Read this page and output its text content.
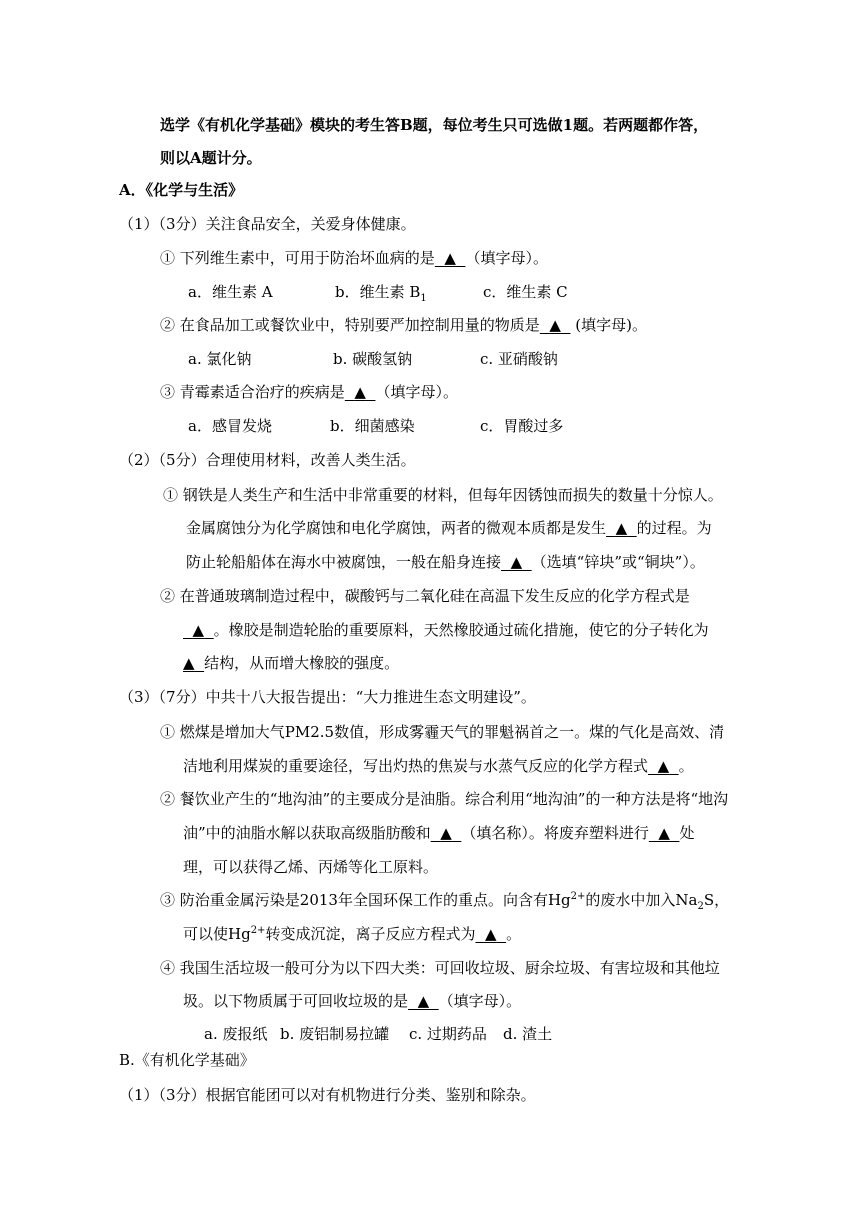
选学《有机化学基础》模块的考生答B题，每位考生只可选做1题。若两题都作答，
则以A题计分。
A．《化学与生活》
（1）（3分）关注食品安全，关爱身体健康。
① 下列维生素中，可用于防治坏血病的是 ▲ （填字母）。
a．维生素 A	b．维生素 $B_1$	c．维生素 C
② 在食品加工或餐饮业中，特别要严加控制用量的物质是 ▲ (填字母)。
a. 氯化钠	b. 碳酸氢钠	c. 亚硝酸钠
③ 青霉素适合治疗的疾病是 ▲ （填字母）。
a．感冒发烧	b．细菌感染	c．胃酸过多
（2）（5分）合理使用材料，改善人类生活。
① 钢铁是人类生产和生活中非常重要的材料，但每年因锈蚀而损失的数量十分惊人。
金属腐蚀分为化学腐蚀和电化学腐蚀，两者的微观本质都是发生 ▲ 的过程。为
防止轮船船体在海水中被腐蚀，一般在船身连接 ▲ （选填“锌块”或“铜块”）。
② 在普通玻璃制造过程中，碳酸钙与二氧化硅在高温下发生反应的化学方程式是
▲ 。橡胶是制造轮胎的重要原料，天然橡胶通过硫化措施，使它的分子转化为
▲ 结构，从而增大橡胶的强度。
（3）（7分）中共十八大报告提出：“大力推进生态文明建设”。
① 燃煤是增加大气PM2.5数值，形成雾霾天气的罪魁祸首之一。煤的气化是高效、清
洁地利用煤炭的重要途径，写出灼热的焦炭与水蒸气反应的化学方程式 ▲ 。
② 餐饮业产生的“地沟油”的主要成分是油脂。综合利用“地沟油”的一种方法是将“地沟
油”中的油脂水解以获取高级脂肪酸和 ▲ （填名称）。将废弃塑料进行 ▲ 处
理，可以获得乙烯、丙烯等化工原料。
③ 防治重金属污染是2013年全国环保工作的重点。向含有$Hg^{2+}$的废水中加入$Na_2S$，
可以使$Hg^{2+}$转变成沉淀，离子反应方程式为 ▲ 。
④ 我国生活垃圾一般可分为以下四大类：可回收垃圾、厨余垃圾、有害垃圾和其他垃
圾。以下物质属于可回收垃圾的是 ▲ （填字母）。
a. 废报纸 b. 废铝制易拉罐 c. 过期药品 d. 渣土
B.《有机化学基础》
（1）（3分）根据官能团可以对有机物进行分类、鉴别和除杂。
